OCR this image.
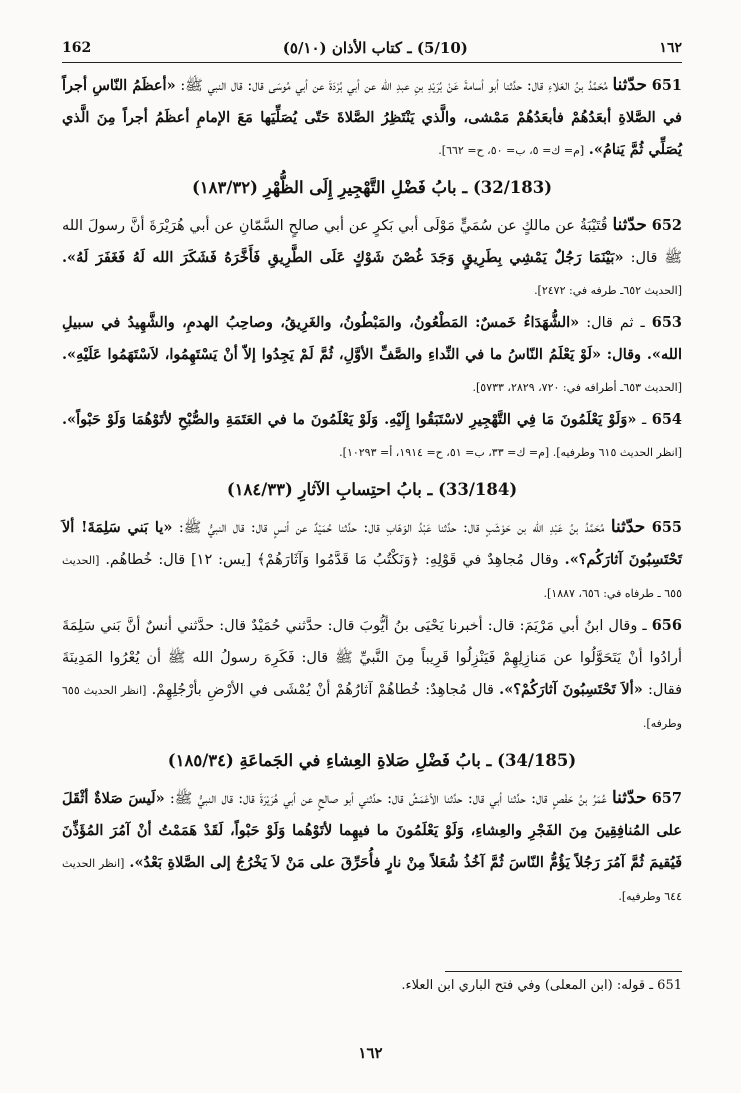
162	(5/10) ـ كتاب الأذان (٥/١٠)	١٦٢

651 حدّثنا مُحَمَّدُ بنُ العَلاءِ قال: حدَّثنا أبو أسامةَ عَنْ بُرَيْدِ بنِ عبدِ الله عن أبي بُرْدَةَ عن أبي مُوسَى قال: قال النبي ﷺ: «أعظَمُ النّاسِ أجراً في الصَّلاةِ أبعَدُهُمْ فأبعَدُهُمْ مَمْشى، والَّذي يَنْتَظِرُ الصَّلاةَ حَتّى يُصَلِّيَها مَعَ الإمامِ أعظَمُ أجراً مِنَ الَّذي يُصَلِّي ثُمَّ يَنامُ». [م= ك= ٥، ب= ٥٠، ح= ٦٦٢].

(32/183) ـ بابُ فَضْلِ التَّهْجِيرِ إِلَى الظُّهْرِ (١٨٣/٣٢)

652 حدّثنا قُتَيْبَةُ عن مالكٍ عن سُمَيٍّ مَوْلَى أبي بَكرٍ عن أبي صالحٍ السَّمّانِ عن أبي هُرَيْرَةَ أنَّ رسولَ الله ﷺ قال: «بَيْنَمَا رَجُلٌ يَمْشِي بِطَرِيقٍ وَجَدَ غُصْنَ شَوْكٍ عَلَى الطَّرِيقِ فَأَخَّرَهُ فَشَكَرَ الله لَهُ فَغَفَرَ لَهُ». [الحديث ٦٥٢ـ طرفه في: ٢٤٧٢].

653 ـ ثم قال: «الشُّهَدَاءُ خَمسٌ: المَطْعُونُ، والمَبْطُونُ، والغَرِيقُ، وصاحِبُ الهدمِ، والشَّهِيدُ في سبيلِ الله». وقال: «لَوْ يَعْلَمُ النّاسُ ما في النِّداءِ والصَّفِّ الأوَّلِ، ثُمَّ لَمْ يَجِدُوا إلاّ أنْ يَسْتَهِمُوا، لاَسْتَهَمُوا عَلَيْهِ». [الحديث ٦٥٣ـ أطرافه في: ٧٢٠، ٢٨٢٩، ٥٧٣٣].

654 ـ «وَلَوْ يَعْلَمُونَ مَا فِي التَّهْجِيرِ لاسْتَبَقُوا إِلَيْهِ. وَلَوْ يَعْلَمُونَ ما في العَتَمَةِ والصُّبْحِ لأتَوْهُمَا وَلَوْ حَبْواً». [انظر الحديث ٦١٥ وطرفيه]. [م= ك= ٣٣، ب= ٥١، ح= ١٩١٤، أ= ١٠٢٩٣].

(33/184) ـ بابُ احتِسابِ الآثارِ (١٨٤/٣٣)

655 حدّثنا مُحَمَّدُ بنُ عَبْدِ الله بن حَوْشَبٍ قال: حدَّثنا عَبْدُ الوَهّابِ قال: حدَّثنا حُمَيْدٌ عن أنسٍ قال: قال النبيُّ ﷺ: «يا بَني سَلِمَةَ! ألاَ تَحْتَسِبُونَ آثارَكُم؟». وقال مُجاهِدٌ في قَوْلِهِ: ﴿وَنَكْتُبُ مَا قَدَّمُوا وَآثَارَهُمْ﴾ [يس: ١٢] قال: خُطاهُم. [الحديث ٦٥٥ ـ طرفاه في: ٦٥٦، ١٨٨٧].

656 ـ وقال ابنُ أبي مَرْيَمَ: قال: أخبرنا يَحْيَى بنُ أيُّوبَ قال: حدَّثني حُمَيْدٌ قال: حدَّثني أنسٌ أنَّ بَني سَلِمَةَ أرادُوا أنْ يَتَحَوَّلُوا عن مَنازِلِهِمْ فَيَنْزِلُوا قَرِيباً مِنَ النَّبيِّ ﷺ قال: فَكَرِهَ رسولُ الله ﷺ أن يُعْرُوا المَدِينَةَ فقال: «ألاَ تَحْتَسِبُونَ آثارَكُمْ؟». قال مُجاهِدٌ: خُطاهُمْ آثارُهُمْ أنْ يُمْشَى في الأرْضِ بأرْجُلِهِمْ. [انظر الحديث ٦٥٥ وطرفه].

(34/185) ـ بابُ فَضْلِ صَلاةِ العِشاءِ في الجَماعَةِ (١٨٥/٣٤)

657 حدّثنا عُمَرُ بنُ حَفْصٍ قال: حدَّثنا أبي قال: حدَّثنا الأعْمَشُ قال: حدَّثني أبو صالحٍ عن أبي هُرَيْرَةَ قال: قال النبيُّ ﷺ: «لَيسَ صَلاةٌ أثْقَلَ على المُنافِقِينَ مِنَ الفَجْرِ والعِشاءِ، وَلَوْ يَعْلَمُونَ ما فيهِما لأتَوْهُما وَلَوْ حَبْواً، لَقَدْ هَمَمْتُ أنْ آمُرَ المُؤَذِّنَ فَيُقيمَ ثُمَّ آمُرَ رَجُلاً يَؤُمُّ النّاسَ ثُمَّ آخُذُ شُعَلاً مِنْ نارٍ فأُحَرِّقَ على مَنْ لاَ يَخْرُجُ إلى الصَّلاةِ بَعْدُ». [انظر الحديث ٦٤٤ وطرفيه].

651 ـ قوله: (ابن المعلى) وفي فتح الباري ابن العلاء.
١٦٢
